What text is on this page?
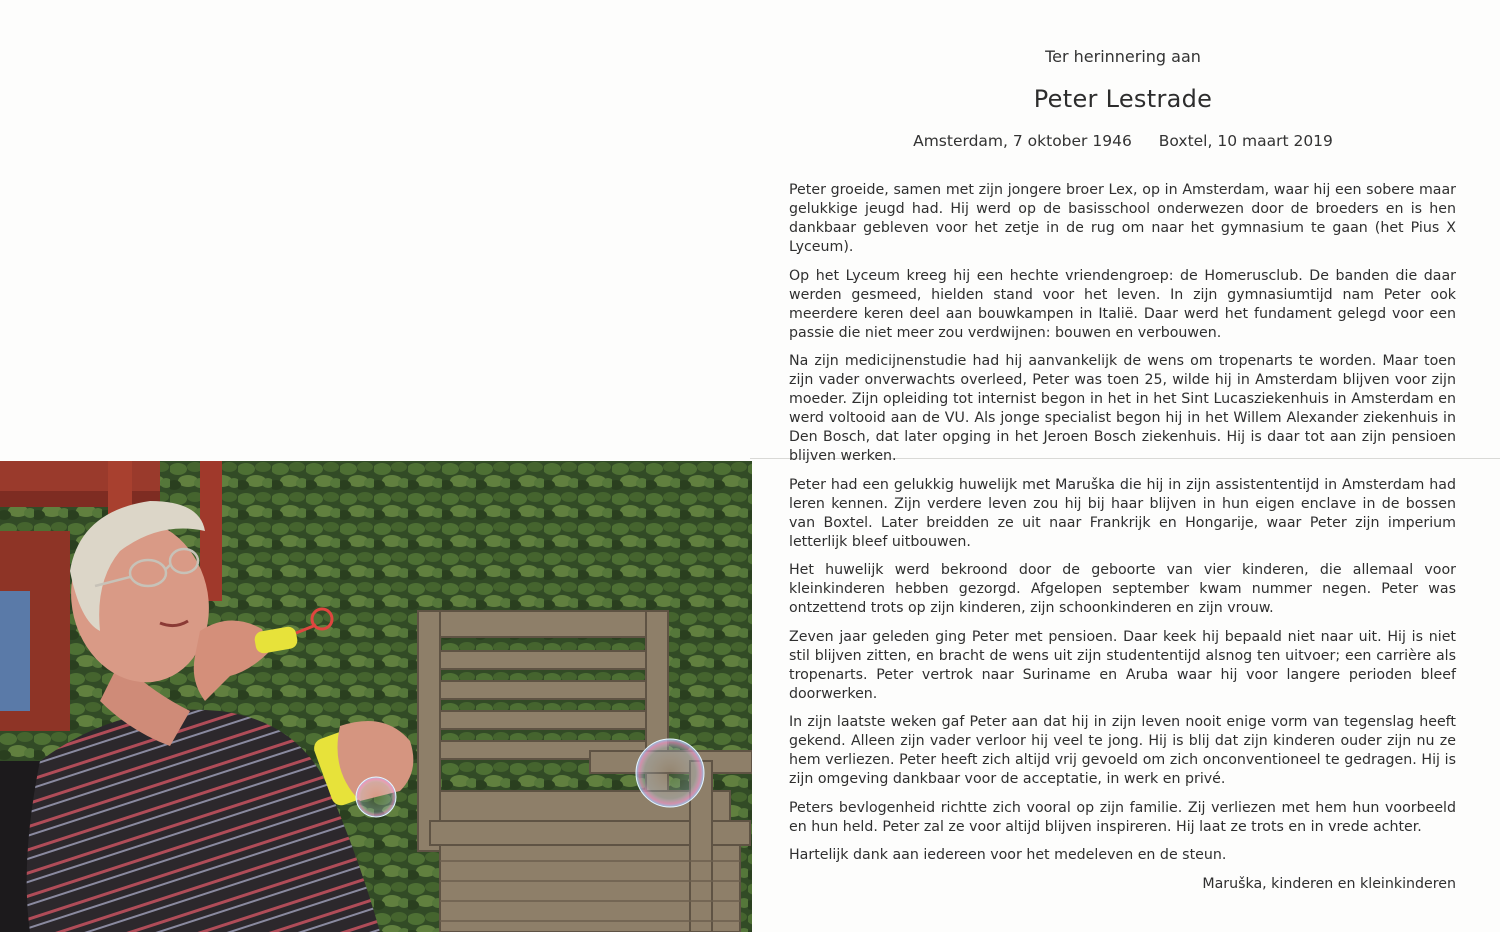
Ter herinnering aan
Peter Lestrade
Amsterdam, 7 oktober 1946 Boxtel, 10 maart 2019

Peter groeide, samen met zijn jongere broer Lex, op in Amsterdam, waar hij een sobere maar gelukkige jeugd had. Hij werd op de basisschool onderwezen door de broeders en is hen dankbaar gebleven voor het zetje in de rug om naar het gymnasium te gaan (het Pius X Lyceum).

Op het Lyceum kreeg hij een hechte vriendengroep: de Homerusclub. De banden die daar werden gesmeed, hielden stand voor het leven. In zijn gymnasiumtijd nam Peter ook meerdere keren deel aan bouwkampen in Italië. Daar werd het fundament gelegd voor een passie die niet meer zou verdwijnen: bouwen en verbouwen.

Na zijn medicijnenstudie had hij aanvankelijk de wens om tropenarts te worden. Maar toen zijn vader onverwachts overleed, Peter was toen 25, wilde hij in Amsterdam blijven voor zijn moeder. Zijn opleiding tot internist begon in het in het Sint Lucasziekenhuis in Amsterdam en werd voltooid aan de VU. Als jonge specialist begon hij in het Willem Alexander ziekenhuis in Den Bosch, dat later opging in het Jeroen Bosch ziekenhuis. Hij is daar tot aan zijn pensioen blijven werken.

Peter had een gelukkig huwelijk met Maruška die hij in zijn assistententijd in Amsterdam had leren kennen. Zijn verdere leven zou hij bij haar blijven in hun eigen enclave in de bossen van Boxtel. Later breidden ze uit naar Frankrijk en Hongarije, waar Peter zijn imperium letterlijk bleef uitbouwen.

Het huwelijk werd bekroond door de geboorte van vier kinderen, die allemaal voor kleinkinderen hebben gezorgd. Afgelopen september kwam nummer negen. Peter was ontzettend trots op zijn kinderen, zijn schoonkinderen en zijn vrouw.

Zeven jaar geleden ging Peter met pensioen. Daar keek hij bepaald niet naar uit. Hij is niet stil blijven zitten, en bracht de wens uit zijn studententijd alsnog ten uitvoer; een carrière als tropenarts. Peter vertrok naar Suriname en Aruba waar hij voor langere perioden bleef doorwerken.

In zijn laatste weken gaf Peter aan dat hij in zijn leven nooit enige vorm van tegenslag heeft gekend. Alleen zijn vader verloor hij veel te jong. Hij is blij dat zijn kinderen ouder zijn nu ze hem verliezen. Peter heeft zich altijd vrij gevoeld om zich onconventioneel te gedragen. Hij is zijn omgeving dankbaar voor de acceptatie, in werk en privé.

Peters bevlogenheid richtte zich vooral op zijn familie. Zij verliezen met hem hun voorbeeld en hun held. Peter zal ze voor altijd blijven inspireren. Hij laat ze trots en in vrede achter.

Hartelijk dank aan iedereen voor het medeleven en de steun.

Maruška, kinderen en kleinkinderen
